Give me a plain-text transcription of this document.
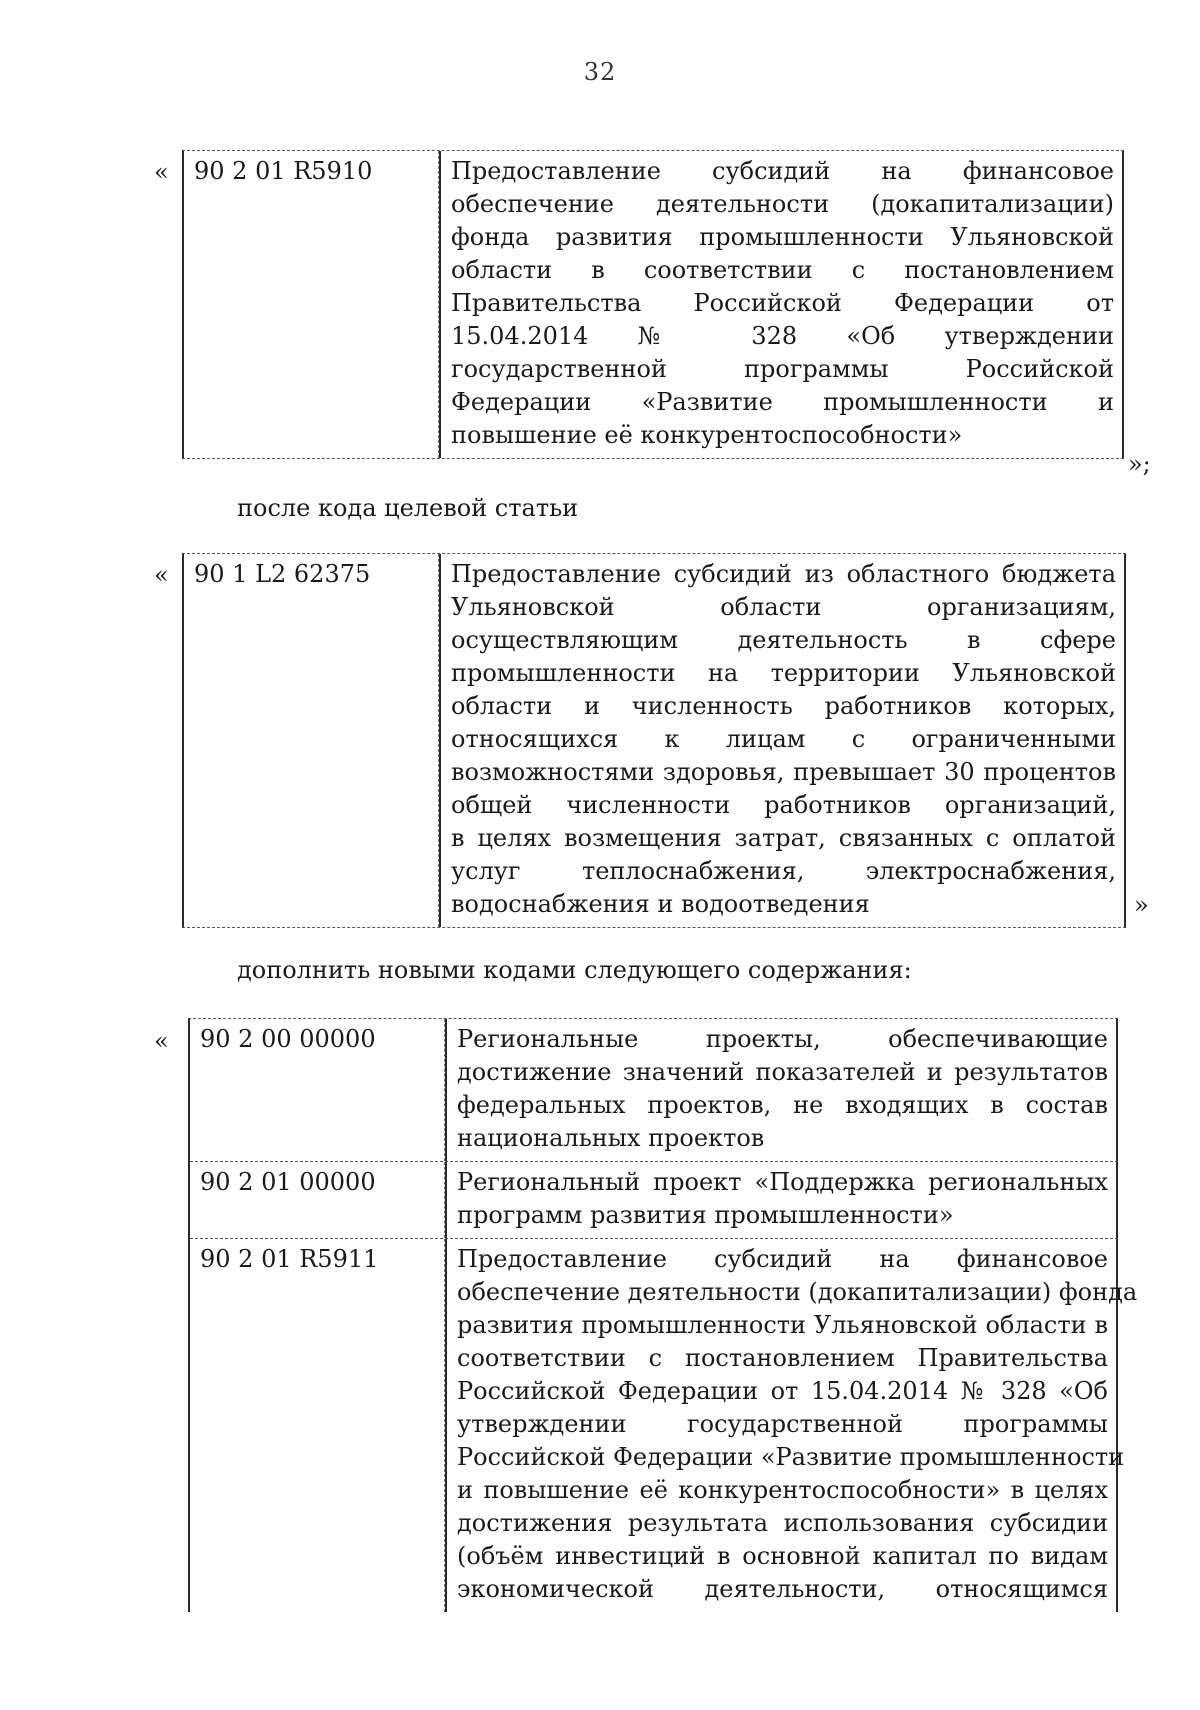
32
«	90 2 01 R5910	Предоставление субсидий на финансовое
обеспечение деятельности (докапитализации)
фонда развития промышленности Ульяновской
области в соответствии с постановлением
Правительства Российской Федерации от
15.04.2014 № 328 «Об утверждении
государственной программы Российской
Федерации «Развитие промышленности и
повышение её конкурентоспособности»
»;
после кода целевой статьи
«	90 1 L2 62375	Предоставление субсидий из областного бюджета
Ульяновской области организациям,
осуществляющим деятельность в сфере
промышленности на территории Ульяновской
области и численность работников которых,
относящихся к лицам с ограниченными
возможностями здоровья, превышает 30 процентов
общей численности работников организаций,
в целях возмещения затрат, связанных с оплатой
услуг теплоснабжения, электроснабжения,
водоснабжения и водоотведения	»
дополнить новыми кодами следующего содержания:
«	90 2 00 00000	Региональные проекты, обеспечивающие
достижение значений показателей и результатов
федеральных проектов, не входящих в состав
национальных проектов
90 2 01 00000	Региональный проект «Поддержка региональных
программ развития промышленности»
90 2 01 R5911	Предоставление субсидий на финансовое
обеспечение деятельности (докапитализации) фонда
развития промышленности Ульяновской области в
соответствии с постановлением Правительства
Российской Федерации от 15.04.2014 № 328 «Об
утверждении государственной программы
Российской Федерации «Развитие промышленности
и повышение её конкурентоспособности» в целях
достижения результата использования субсидии
(объём инвестиций в основной капитал по видам
экономической деятельности, относящимся
